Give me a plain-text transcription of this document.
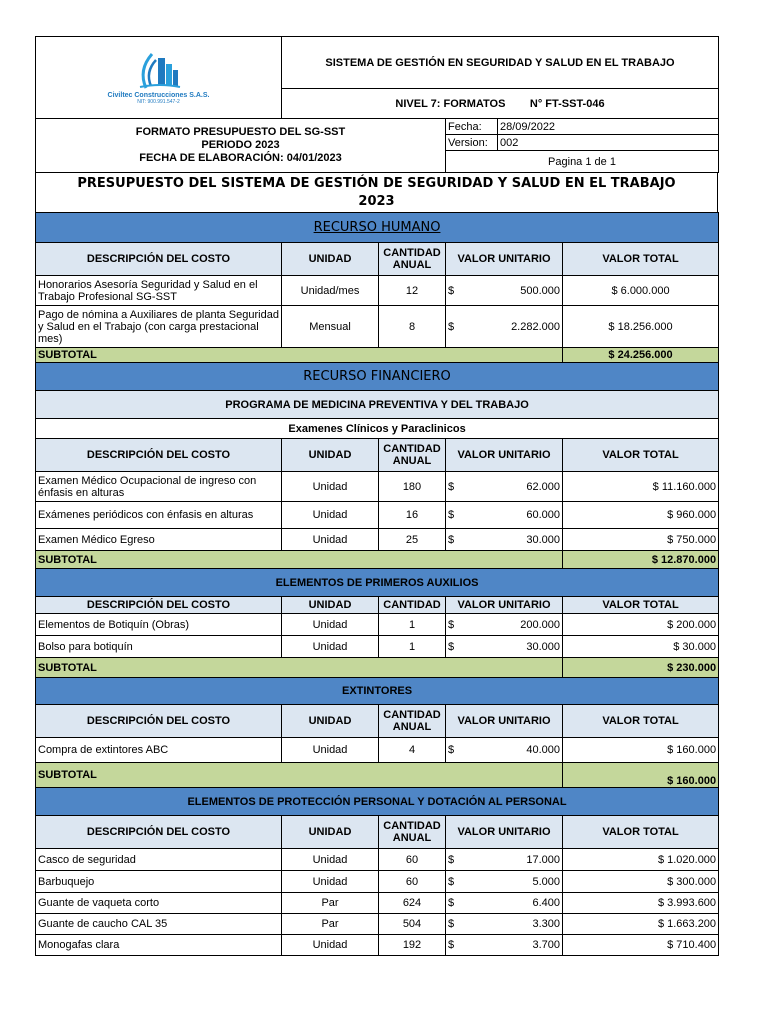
Civiltec Construcciones S.A.S.
NIT: 900.991.547-2
	SISTEMA DE GESTIÓN EN SEGURIDAD Y SALUD EN EL TRABAJO
NIVEL 7: FORMATOS N° FT-SST-046
FORMATO PRESUPUESTO DEL SG-SST
PERIODO 2023
FECHA DE ELABORACIÓN: 04/01/2023	Fecha:	28/09/2022
	Version:	002
	Pagina 1 de 1	
PRESUPUESTO DEL SISTEMA DE GESTIÓN DE SEGURIDAD Y SALUD EN EL TRABAJO
2023
RECURSO HUMANO				
DESCRIPCIÓN DEL COSTO	UNIDAD	CANTIDAD ANUAL	VALOR UNITARIO	VALOR TOTAL
Honorarios Asesoría Seguridad y Salud en el Trabajo Profesional SG-SST	Unidad/mes	12	$ 500.000	$ 6.000.000
Pago de nómina a Auxiliares de planta Seguridad y Salud en el Trabajo (con carga prestacional mes)	Mensual	8	$ 2.282.000	$ 18.256.000
SUBTOTAL				$ 24.256.000
RECURSO FINANCIERO				
PROGRAMA DE MEDICINA PREVENTIVA Y DEL TRABAJO				
Examenes Clínicos y Paraclinicos				
DESCRIPCIÓN DEL COSTO	UNIDAD	CANTIDAD ANUAL	VALOR UNITARIO	VALOR TOTAL
Examen Médico Ocupacional de ingreso con énfasis en alturas	Unidad	180	$ 62.000	$ 11.160.000
Exámenes periódicos con énfasis en alturas	Unidad	16	$ 60.000	$ 960.000
Examen Médico Egreso	Unidad	25	$ 30.000	$ 750.000
SUBTOTAL				$ 12.870.000
ELEMENTOS DE PRIMEROS AUXILIOS				
DESCRIPCIÓN DEL COSTO	UNIDAD	CANTIDAD	VALOR UNITARIO	VALOR TOTAL
Elementos de Botiquín (Obras)	Unidad	1	$ 200.000	$ 200.000
Bolso para botiquín	Unidad	1	$ 30.000	$ 30.000
SUBTOTAL				$ 230.000
EXTINTORES				
DESCRIPCIÓN DEL COSTO	UNIDAD	CANTIDAD ANUAL	VALOR UNITARIO	VALOR TOTAL
Compra de extintores ABC	Unidad	4	$ 40.000	$ 160.000
SUBTOTAL				$ 160.000
ELEMENTOS DE PROTECCIÓN PERSONAL Y DOTACIÓN AL PERSONAL				
DESCRIPCIÓN DEL COSTO	UNIDAD	CANTIDAD ANUAL	VALOR UNITARIO	VALOR TOTAL
Casco de seguridad	Unidad	60	$ 17.000	$ 1.020.000
Barbuquejo	Unidad	60	$ 5.000	$ 300.000
Guante de vaqueta corto	Par	624	$ 6.400	$ 3.993.600
Guante de caucho CAL 35	Par	504	$ 3.300	$ 1.663.200
Monogafas clara	Unidad	192	$ 3.700	$ 710.400
